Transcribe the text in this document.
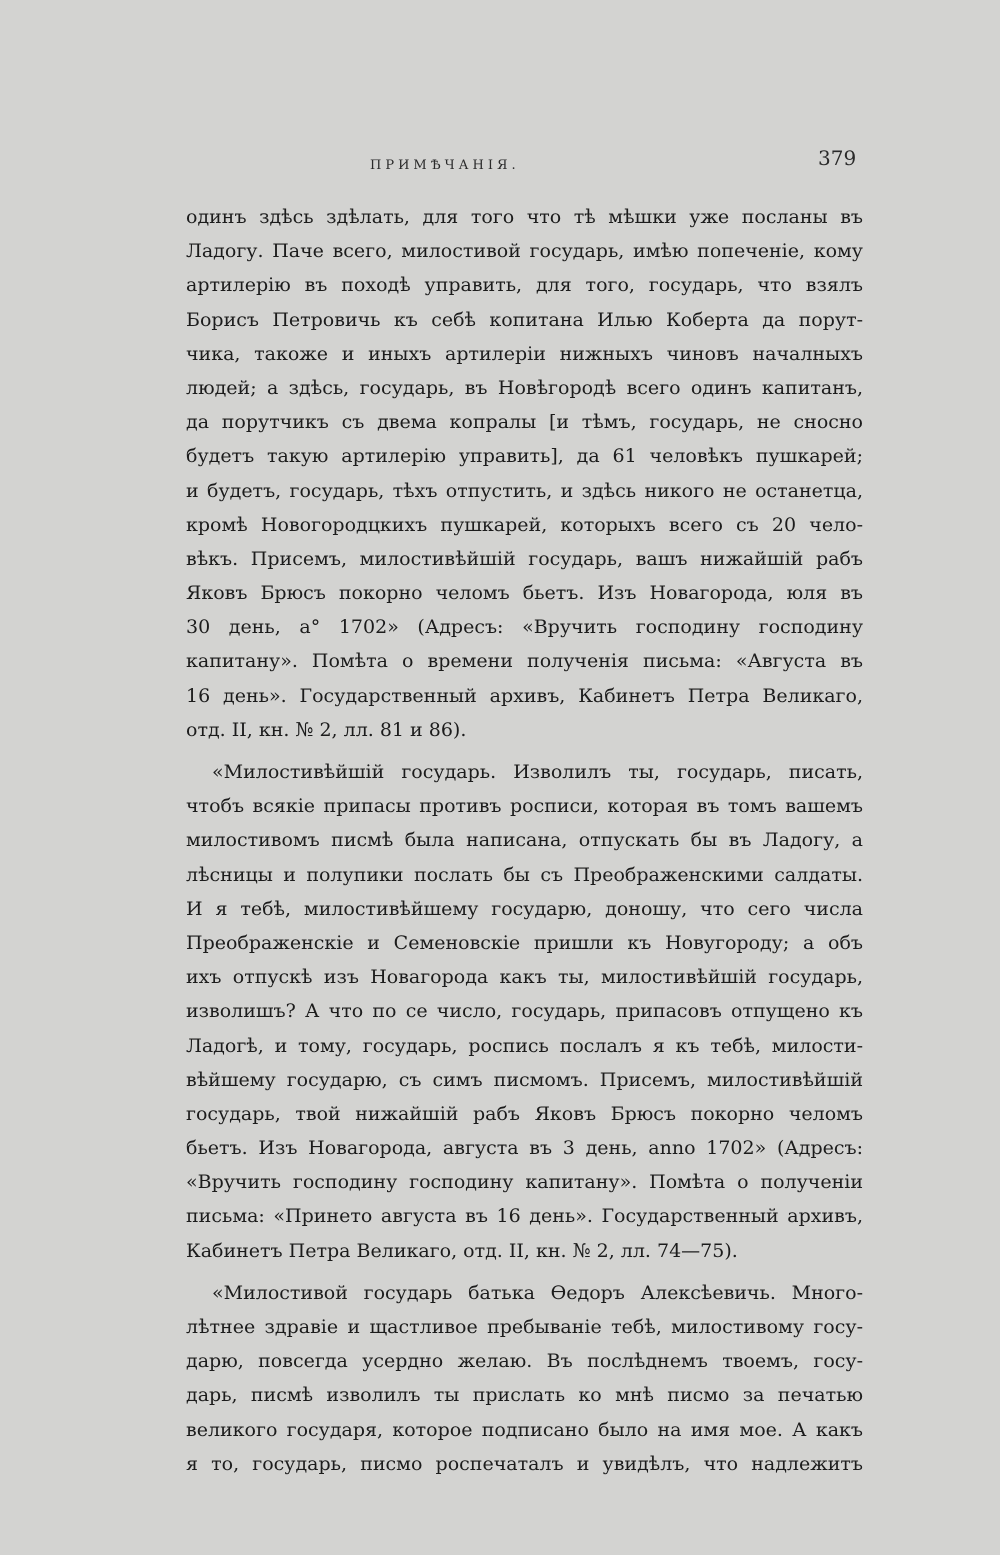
ПРИМѢЧАНІЯ.	379
одинъ здѣсь здѣлать, для того что тѣ мѣшки уже посланы въ
Ладогу. Паче всего, милостивой государь, имѣю попеченіе, кому
артилерію въ походѣ управить, для того, государь, что взялъ
Борисъ Петровичь къ себѣ копитана Илью Коберта да порут-
чика, такоже и иныхъ артилеріи нижныхъ чиновъ началныхъ
людей; а здѣсь, государь, въ Новѣгородѣ всего одинъ капитанъ,
да порутчикъ съ двема копралы [и тѣмъ, государь, не сносно
будетъ такую артилерію управить], да 61 человѣкъ пушкарей;
и будетъ, государь, тѣхъ отпустить, и здѣсь никого не останетца,
кромѣ Новогородцкихъ пушкарей, которыхъ всего съ 20 чело-
вѣкъ. Присемъ, милостивѣйшій государь, вашъ нижайшій рабъ
Яковъ Брюсъ покорно челомъ бьетъ. Изъ Новагорода, юля въ
30 день, а° 1702» (Адресъ: «Вручить господину господину
капитану». Помѣта о времени полученія письма: «Августа въ
16 день». Государственный архивъ, Кабинетъ Петра Великаго,
отд. II, кн. № 2, лл. 81 и 86).
«Милостивѣйшій государь. Изволилъ ты, государь, писать,
чтобъ всякіе припасы противъ росписи, которая въ томъ вашемъ
милостивомъ писмѣ была написана, отпускать бы въ Ладогу, а
лѣсницы и полупики послать бы съ Преображенскими салдаты.
И я тебѣ, милостивѣйшему государю, доношу, что сего числа
Преображенскіе и Семеновскіе пришли къ Новугороду; а объ
ихъ отпускѣ изъ Новагорода какъ ты, милостивѣйшій государь,
изволишъ? А что по се число, государь, припасовъ отпущено къ
Ладогѣ, и тому, государь, роспись послалъ я къ тебѣ, милости-
вѣйшему государю, съ симъ писмомъ. Присемъ, милостивѣйшій
государь, твой нижайшій рабъ Яковъ Брюсъ покорно челомъ
бьетъ. Изъ Новагорода, августа въ 3 день, anno 1702» (Адресъ:
«Вручить господину господину капитану». Помѣта о полученіи
письма: «Принето августа въ 16 день». Государственный архивъ,
Кабинетъ Петра Великаго, отд. II, кн. № 2, лл. 74—75).
«Милостивой государь батька Ѳедоръ Алексѣевичь. Много-
лѣтнее здравіе и щастливое пребываніе тебѣ, милостивому госу-
дарю, повсегда усердно желаю. Въ послѣднемъ твоемъ, госу-
дарь, писмѣ изволилъ ты прислать ко мнѣ писмо за печатью
великого государя, которое подписано было на имя мое. А какъ
я то, государь, писмо роспечаталъ и увидѣлъ, что надлежитъ
